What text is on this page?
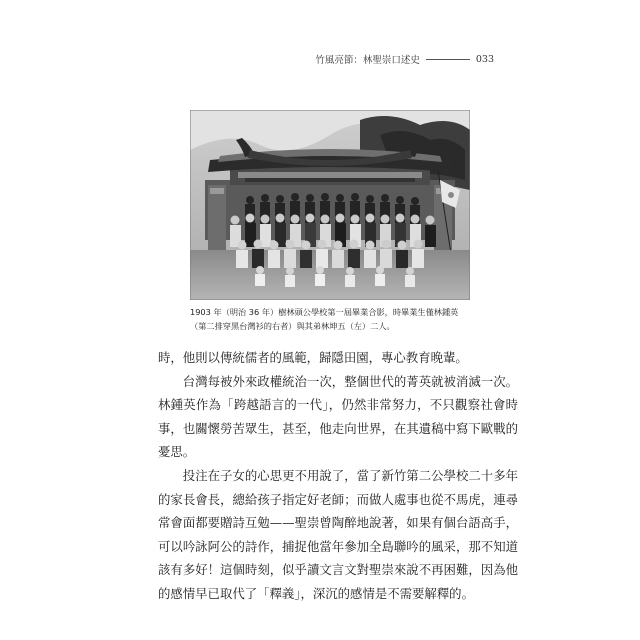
竹風亮節：林聖崇口述史	033
1903 年（明治 36 年）樹林頭公學校第一屆畢業合影，時畢業生僅林鍾英（第二排穿黑台灣衫的右者）與其弟林坤五（左）二人。

時，他則以傳統儒者的風範，歸隱田園，專心教育晚輩。

台灣每被外來政權統治一次，整個世代的菁英就被消滅一次。林鍾英作為「跨越語言的一代」，仍然非常努力，不只觀察社會時事，也關懷勞苦眾生，甚至，他走向世界，在其遺稿中寫下歐戰的憂思。

投注在子女的心思更不用說了，當了新竹第二公學校二十多年的家長會長，總給孩子指定好老師；而做人處事也從不馬虎，連尋常會面都要贈詩互勉——聖崇曾陶醉地說著，如果有個台語高手，可以吟詠阿公的詩作，捕捉他當年參加全島聯吟的風采，那不知道該有多好！這個時刻，似乎讀文言文對聖崇來說不再困難，因為他的感情早已取代了「釋義」，深沉的感情是不需要解釋的。
